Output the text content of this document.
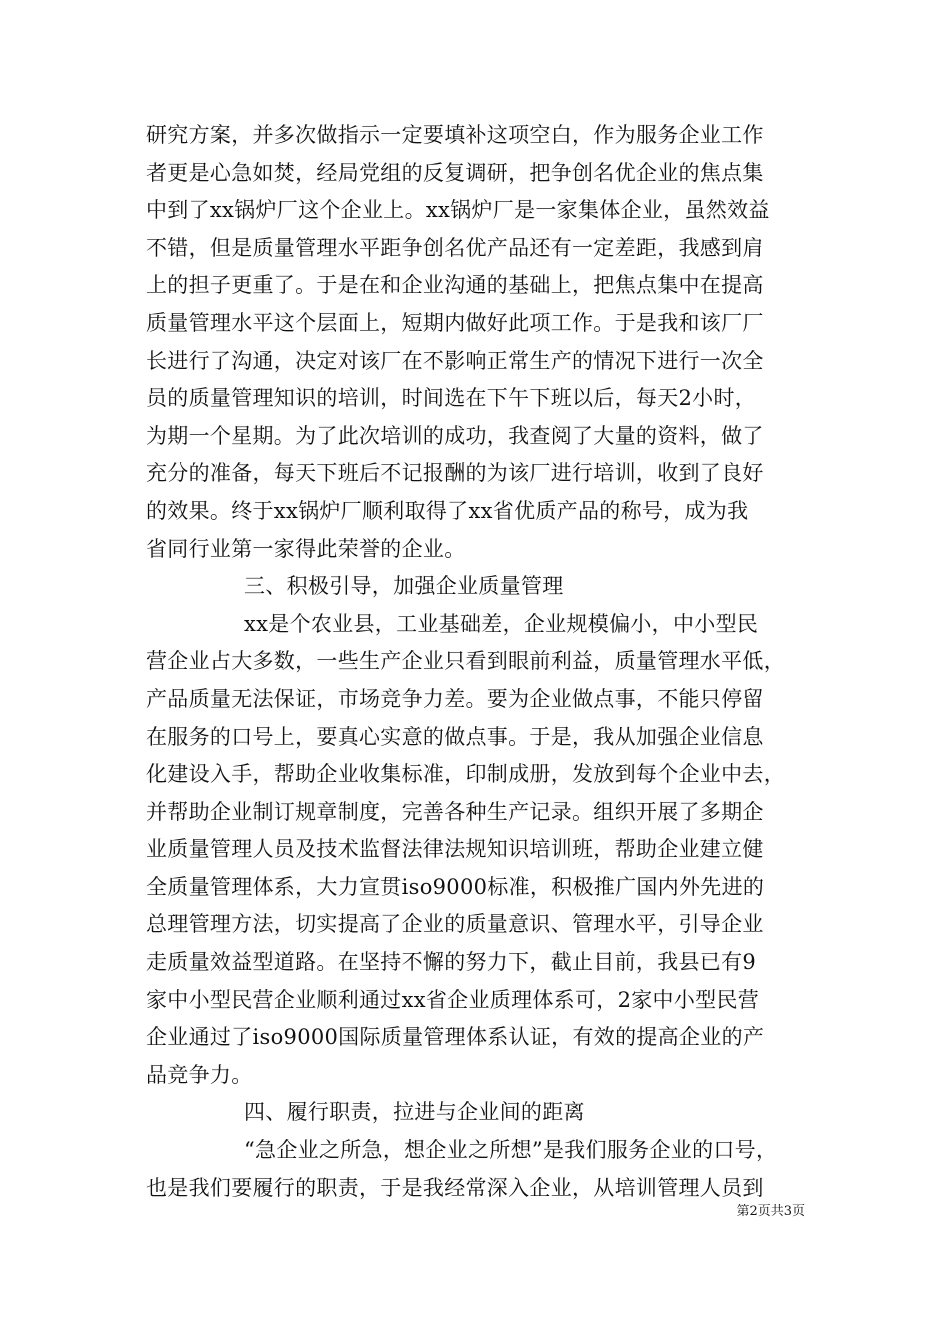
研究方案，并多次做指示一定要填补这项空白，作为服务企业工作
者更是心急如焚，经局党组的反复调研，把争创名优企业的焦点集
中到了xx锅炉厂这个企业上。xx锅炉厂是一家集体企业，虽然效益
不错，但是质量管理水平距争创名优产品还有一定差距，我感到肩
上的担子更重了。于是在和企业沟通的基础上，把焦点集中在提高
质量管理水平这个层面上，短期内做好此项工作。于是我和该厂厂
长进行了沟通，决定对该厂在不影响正常生产的情况下进行一次全
员的质量管理知识的培训，时间选在下午下班以后，每天2小时，
为期一个星期。为了此次培训的成功，我查阅了大量的资料，做了
充分的准备，每天下班后不记报酬的为该厂进行培训，收到了良好
的效果。终于xx锅炉厂顺利取得了xx省优质产品的称号，成为我
省同行业第一家得此荣誉的企业。
三、积极引导，加强企业质量管理
xx是个农业县，工业基础差，企业规模偏小，中小型民
营企业占大多数，一些生产企业只看到眼前利益，质量管理水平低，
产品质量无法保证，市场竞争力差。要为企业做点事，不能只停留
在服务的口号上，要真心实意的做点事。于是，我从加强企业信息
化建设入手，帮助企业收集标准，印制成册，发放到每个企业中去，
并帮助企业制订规章制度，完善各种生产记录。组织开展了多期企
业质量管理人员及技术监督法律法规知识培训班，帮助企业建立健
全质量管理体系，大力宣贯iso9000标准，积极推广国内外先进的
总理管理方法，切实提高了企业的质量意识、管理水平，引导企业
走质量效益型道路。在坚持不懈的努力下，截止目前，我县已有9
家中小型民营企业顺利通过xx省企业质理体系可，2家中小型民营
企业通过了iso9000国际质量管理体系认证，有效的提高企业的产
品竞争力。
四、履行职责，拉进与企业间的距离
“急企业之所急，想企业之所想”是我们服务企业的口号，
也是我们要履行的职责，于是我经常深入企业，从培训管理人员到
第2页共3页
